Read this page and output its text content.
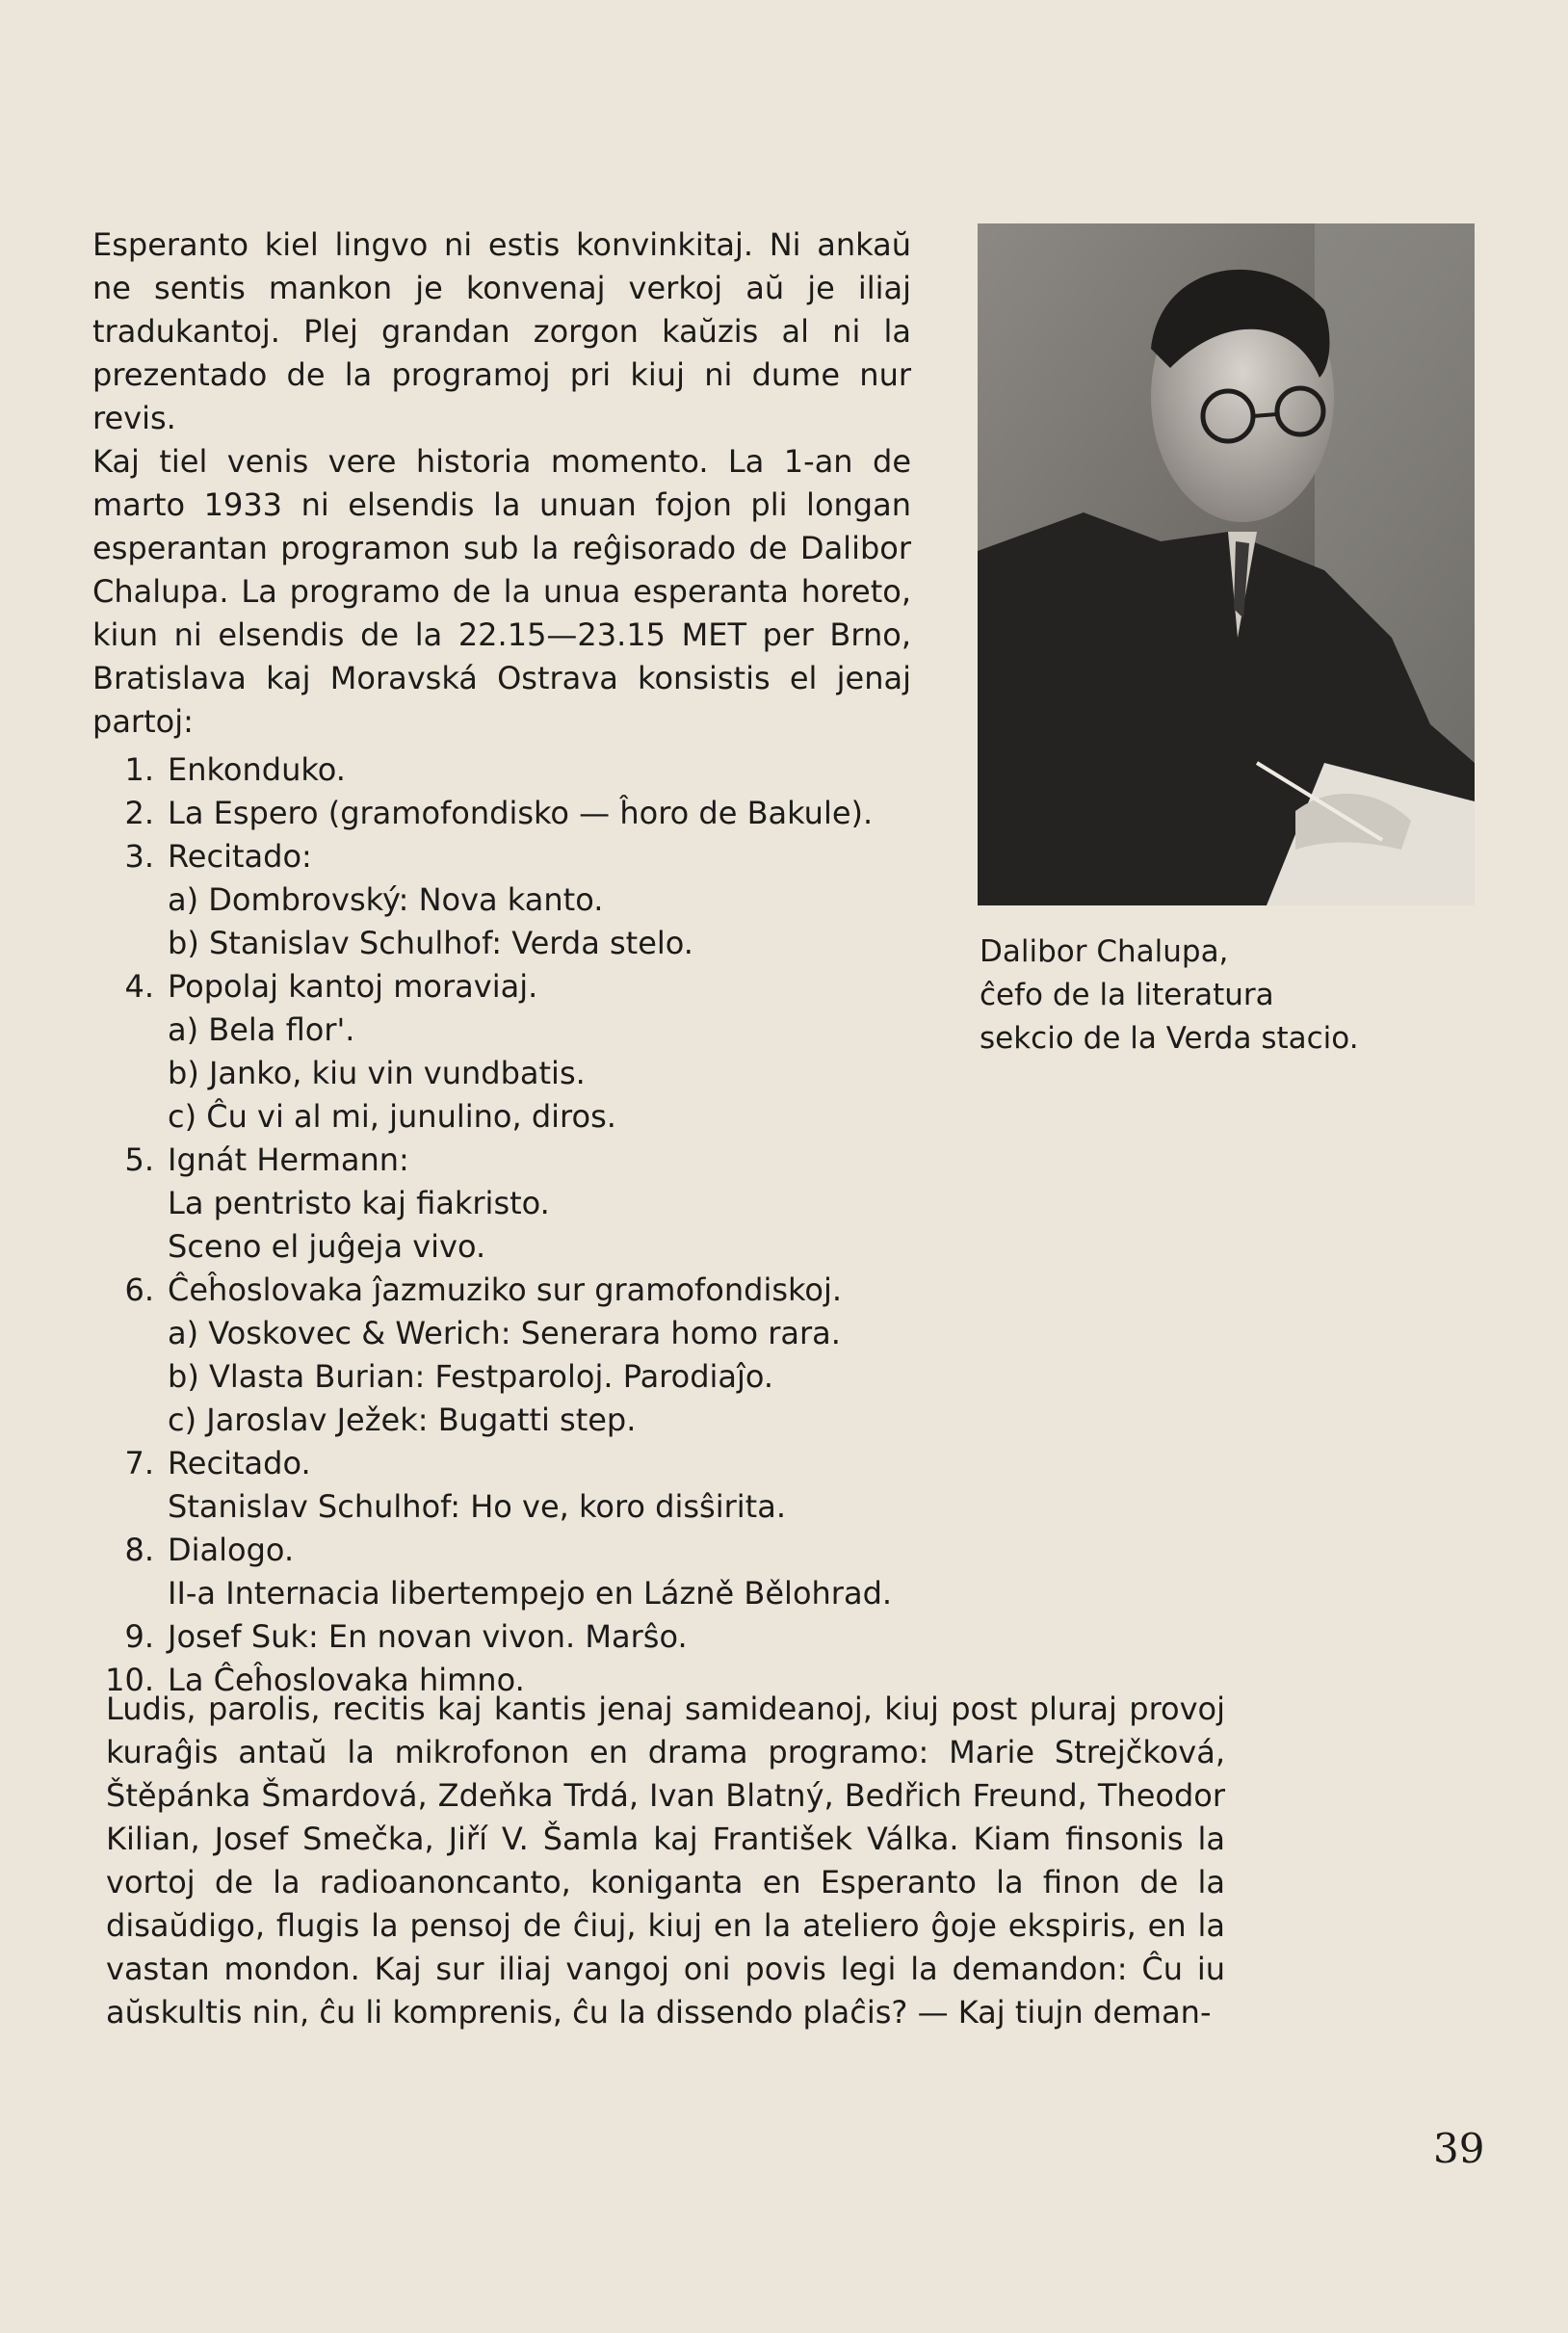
Esperanto kiel lingvo ni estis konvinkitaj. Ni ankaŭ ne sentis mankon je konvenaj verkoj aŭ je iliaj tradukantoj. Plej grandan zorgon kaŭzis al ni la prezentado de la programoj pri kiuj ni dume nur revis.

Kaj tiel venis vere historia momento. La 1-an de marto 1933 ni elsendis la unuan fojon pli longan esperantan programon sub la reĝisorado de Dalibor Chalupa. La programo de la unua esperanta horeto, kiun ni elsendis de la 22.15—23.15 MET per Brno, Bratislava kaj Moravská Ostrava konsistis el jenaj partoj:

1. Enkonduko.
2. La Espero (gramofondisko — ĥoro de Bakule).
3. Recitado:
a) Dombrovský: Nova kanto.
b) Stanislav Schulhof: Verda stelo.
4. Popolaj kantoj moraviaj.
a) Bela flor'.
b) Janko, kiu vin vundbatis.
c) Ĉu vi al mi, junulino, diros.
5. Ignát Hermann:
La pentristo kaj fiakristo.
Sceno el juĝeja vivo.
6. Ĉeĥoslovaka ĵazmuziko sur gramofondiskoj.
a) Voskovec & Werich: Senerara homo rara.
b) Vlasta Burian: Festparoloj. Parodiaĵo.
c) Jaroslav Ježek: Bugatti step.
7. Recitado.
Stanislav Schulhof: Ho ve, koro disŝirita.
8. Dialogo.
II-a Internacia libertempejo en Lázně Bělohrad.
9. Josef Suk: En novan vivon. Marŝo.
10. La Ĉeĥoslovaka himno.

Ludis, parolis, recitis kaj kantis jenaj samideanoj, kiuj post pluraj provoj kuraĝis antaŭ la mikrofonon en drama programo: Marie Strejčková, Štěpánka Šmardová, Zdeňka Trdá, Ivan Blatný, Bedřich Freund, Theodor Kilian, Josef Smečka, Jiří V. Šamla kaj František Válka. Kiam finsonis la vortoj de la radioanoncanto, koniganta en Esperanto la finon de la disaŭdigo, flugis la pensoj de ĉiuj, kiuj en la ateliero ĝoje ekspiris, en la vastan mondon. Kaj sur iliaj vangoj oni povis legi la demandon: Ĉu iu aŭskultis nin, ĉu li komprenis, ĉu la dissendo plaĉis? — Kaj tiujn deman-

Dalibor Chalupa,
ĉefo de la literatura
sekcio de la Verda stacio.
39
